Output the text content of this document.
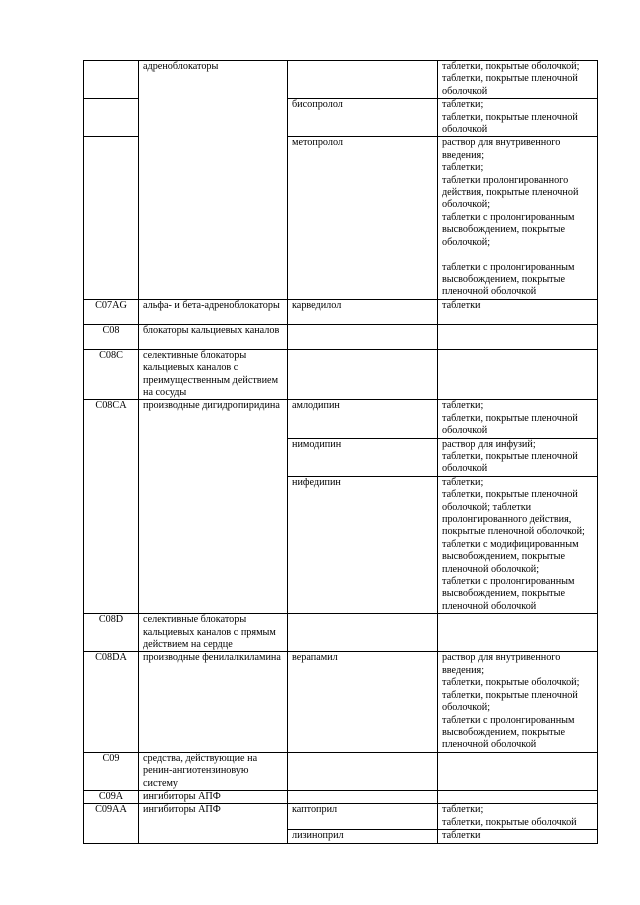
	адреноблокаторы		таблетки, покрытые оболочкой;
таблетки, покрытые пленочной оболочкой
		бисопролол	таблетки;
таблетки, покрытые пленочной оболочкой
		метопролол	раствор для внутривенного введения;
таблетки;
таблетки пролонгированного действия, покрытые пленочной оболочкой;
таблетки с пролонгированным высвобождением, покрытые оболочкой;

таблетки с пролонгированным высвобождением, покрытые пленочной оболочкой
C07AG	альфа- и бета-адреноблокаторы	карведилол	таблетки
C08	блокаторы кальциевых каналов		
C08C	селективные блокаторы кальциевых каналов с преимущественным действием на сосуды		
C08CA	производные дигидропиридина	амлодипин	таблетки;
таблетки, покрытые пленочной оболочкой
		нимодипин	раствор для инфузий;
таблетки, покрытые пленочной оболочкой
		нифедипин	таблетки;
таблетки, покрытые пленочной оболочкой; таблетки пролонгированного действия, покрытые пленочной оболочкой;
таблетки с модифицированным высвобождением, покрытые пленочной оболочкой;
таблетки с пролонгированным высвобождением, покрытые пленочной оболочкой
C08D	селективные блокаторы кальциевых каналов с прямым действием на сердце		
C08DA	производные фенилалкиламина	верапамил	раствор для внутривенного введения;
таблетки, покрытые оболочкой;
таблетки, покрытые пленочной оболочкой;
таблетки с пролонгированным высвобождением, покрытые пленочной оболочкой
C09	средства, действующие на ренин-ангиотензиновую систему		
C09A	ингибиторы АПФ		
C09AA	ингибиторы АПФ	каптоприл	таблетки;
таблетки, покрытые оболочкой
		лизиноприл	таблетки
